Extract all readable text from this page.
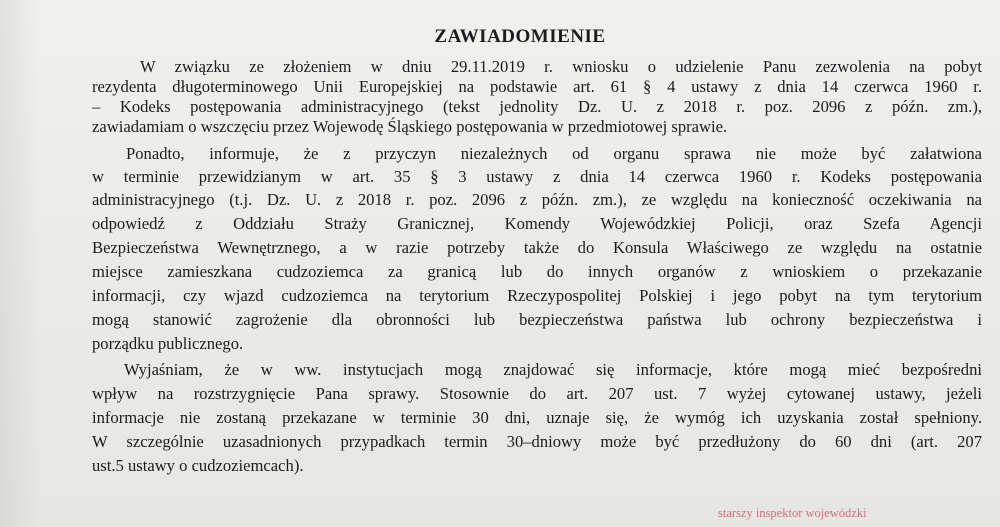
ZAWIADOMIENIE
W związku ze złożeniem w dniu 29.11.2019 r. wniosku o udzielenie Panu zezwolenia na pobyt
rezydenta długoterminowego Unii Europejskiej na podstawie art. 61 § 4 ustawy z dnia 14 czerwca 1960 r.
– Kodeks postępowania administracyjnego (tekst jednolity Dz. U. z 2018 r. poz. 2096 z późn. zm.),
zawiadamiam o wszczęciu przez Wojewodę Śląskiego postępowania w przedmiotowej sprawie.
Ponadto, informuje, że z przyczyn niezależnych od organu sprawa nie może być załatwiona
w terminie przewidzianym w art. 35 § 3 ustawy z dnia 14 czerwca 1960 r. Kodeks postępowania
administracyjnego (t.j. Dz. U. z 2018 r. poz. 2096 z późn. zm.), ze względu na konieczność oczekiwania na
odpowiedź z Oddziału Straży Granicznej, Komendy Wojewódzkiej Policji, oraz Szefa Agencji
Bezpieczeństwa Wewnętrznego, a w razie potrzeby także do Konsula Właściwego ze względu na ostatnie
miejsce zamieszkana cudzoziemca za granicą lub do innych organów z wnioskiem o przekazanie
informacji, czy wjazd cudzoziemca na terytorium Rzeczypospolitej Polskiej i jego pobyt na tym terytorium
mogą stanowić zagrożenie dla obronności lub bezpieczeństwa państwa lub ochrony bezpieczeństwa i
porządku publicznego.
Wyjaśniam, że w ww. instytucjach mogą znajdować się informacje, które mogą mieć bezpośredni
wpływ na rozstrzygnięcie Pana sprawy. Stosownie do art. 207 ust. 7 wyżej cytowanej ustawy, jeżeli
informacje nie zostaną przekazane w terminie 30 dni, uznaje się, że wymóg ich uzyskania został spełniony.
W szczególnie uzasadnionych przypadkach termin 30–dniowy może być przedłużony do 60 dni (art. 207
ust.5 ustawy o cudzoziemcach).
starszy inspektor wojewódzki
